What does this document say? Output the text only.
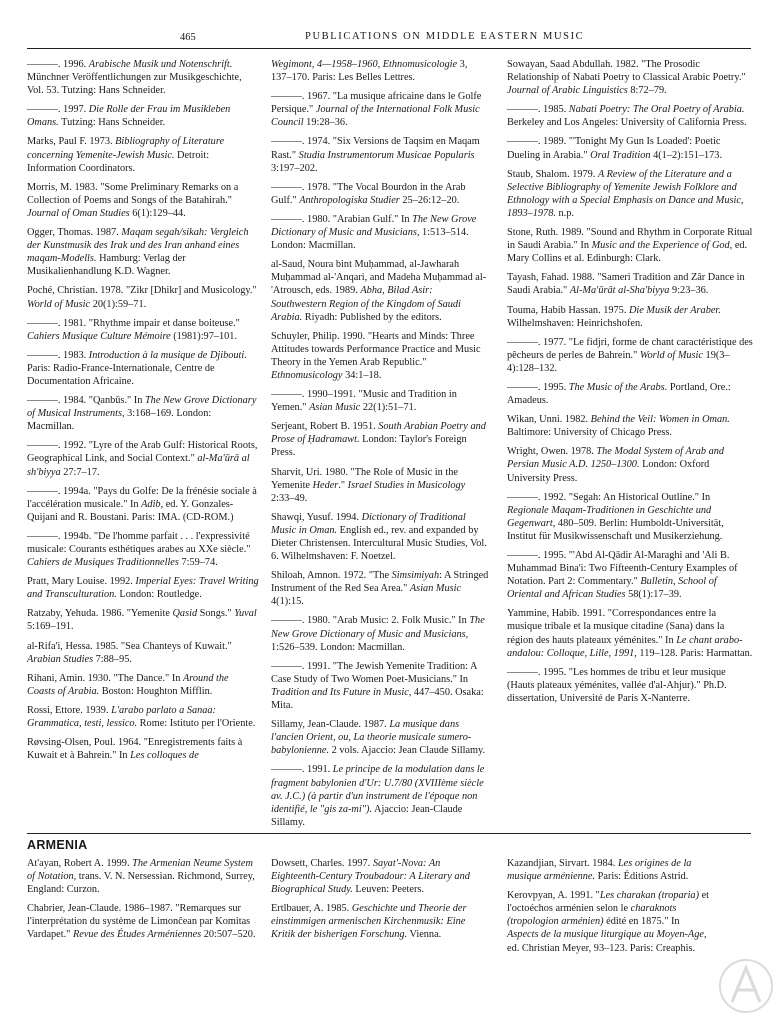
465	PUBLICATIONS ON MIDDLE EASTERN MUSIC

———. 1996. Arabische Musik und Notenschrift. Münchner Veröffentlichungen zur Musikgeschichte, Vol. 53. Tutzing: Hans Schneider.

———. 1997. Die Rolle der Frau im Musikleben Omans. Tutzing: Hans Schneider.

Marks, Paul F. 1973. Bibliography of Literature concerning Yemenite-Jewish Music. Detroit: Information Coordinators.

Morris, M. 1983. "Some Preliminary Remarks on a Collection of Poems and Songs of the Batahirah." Journal of Oman Studies 6(1):129–44.

Ogger, Thomas. 1987. Maqam segah/sikah: Vergleich der Kunstmusik des Irak und des Iran anhand eines maqam-Modells. Hamburg: Verlag der Musikalienhandlung K.D. Wagner.

Poché, Christian. 1978. "Zikr [Dhikr] and Musicology." World of Music 20(1):59–71.

———. 1981. "Rhythme impair et danse boiteuse." Cahiers Musique Culture Mémoire (1981):97–101.

———. 1983. Introduction à la musique de Djibouti. Paris: Radio-France-Internationale, Centre de Documentation Africaine.

———. 1984. "Qanbūs." In The New Grove Dictionary of Musical Instruments, 3:168–169. London: Macmillan.

———. 1992. "Lyre of the Arab Gulf: Historical Roots, Geographical Link, and Social Context." al-Ma'ūrā al sh'biyya 27:7–17.

———. 1994a. "Pays du Golfe: De la frénésie sociale à l'accélération musicale." In Adib, ed. Y. Gonzales-Quijani and R. Boustani. Paris: IMA. (CD-ROM.)

———. 1994b. "De l'homme parfait . . . l'expressivité musicale: Courants esthétiques arabes au XXe siècle." Cahiers de Musiques Traditionnelles 7:59–74.

Pratt, Mary Louise. 1992. Imperial Eyes: Travel Writing and Transculturation. London: Routledge.

Ratzaby, Yehuda. 1986. "Yemenite Qasid Songs." Yuval 5:169–191.

al-Rifa'i, Hessa. 1985. "Sea Chanteys of Kuwait." Arabian Studies 7:88–95.

Rihani, Amin. 1930. "The Dance." In Around the Coasts of Arabia. Boston: Houghton Mifflin.

Rossi, Ettore. 1939. L'arabo parlato a Sanaa: Grammatica, testi, lessico. Rome: Istituto per l'Oriente.

Røvsing-Olsen, Poul. 1964. "Enregistrements faits à Kuwait et à Bahrein." In Les colloques de

Wegimont, 4—1958–1960, Ethnomusicologie 3, 137–170. Paris: Les Belles Lettres.

———. 1967. "La musique africaine dans le Golfe Persique." Journal of the International Folk Music Council 19:28–36.

———. 1974. "Six Versions de Taqsim en Maqam Rast." Studia Instrumentorum Musicae Popularis 3:197–202.

———. 1978. "The Vocal Bourdon in the Arab Gulf." Anthropologiska Studier 25–26:12–20.

———. 1980. "Arabian Gulf." In The New Grove Dictionary of Music and Musicians, 1:513–514. London: Macmillan.

al-Saud, Noura bint Muḥammad, al-Jawharah Muḥammad al-'Anqari, and Madeha Muḥammad al-'Atrousch, eds. 1989. Abha, Bilad Asir: Southwestern Region of the Kingdom of Saudi Arabia. Riyadh: Published by the editors.

Schuyler, Philip. 1990. "Hearts and Minds: Three Attitudes towards Performance Practice and Music Theory in the Yemen Arab Republic." Ethnomusicology 34:1–18.

———. 1990–1991. "Music and Tradition in Yemen." Asian Music 22(1):51–71.

Serjeant, Robert B. 1951. South Arabian Poetry and Prose of Ḥadramawt. London: Taylor's Foreign Press.

Sharvit, Uri. 1980. "The Role of Music in the Yemenite Heder." Israel Studies in Musicology 2:33–49.

Shawqi, Yusuf. 1994. Dictionary of Traditional Music in Oman. English ed., rev. and expanded by Dieter Christensen. Intercultural Music Studies, Vol. 6. Wilhelmshaven: F. Noetzel.

Shiloah, Amnon. 1972. "The Simsimiyah: A Stringed Instrument of the Red Sea Area." Asian Music 4(1):15.

———. 1980. "Arab Music: 2. Folk Music." In The New Grove Dictionary of Music and Musicians, 1:526–539. London: Macmillan.

———. 1991. "The Jewish Yemenite Tradition: A Case Study of Two Women Poet-Musicians." In Tradition and Its Future in Music, 447–450. Osaka: Mita.

Sillamy, Jean-Claude. 1987. La musique dans l'ancien Orient, ou, La theorie musicale sumero-babylonienne. 2 vols. Ajaccio: Jean Claude Sillamy.

———. 1991. Le principe de la modulation dans le fragment babylonien d'Ur: U.7/80 (XVIIIème siècle av. J.C.) (à partir d'un instrument de l'époque non identifié, le "gis za-mi"). Ajaccio: Jean-Claude Sillamy.

Sowayan, Saad Abdullah. 1982. "The Prosodic Relationship of Nabati Poetry to Classical Arabic Poetry." Journal of Arabic Linguistics 8:72–79.

———. 1985. Nabati Poetry: The Oral Poetry of Arabia. Berkeley and Los Angeles: University of California Press.

———. 1989. "'Tonight My Gun Is Loaded': Poetic Dueling in Arabia." Oral Tradition 4(1–2):151–173.

Staub, Shalom. 1979. A Review of the Literature and a Selective Bibliography of Yemenite Jewish Folklore and Ethnology with a Special Emphasis on Dance and Music, 1893–1978. n.p.

Stone, Ruth. 1989. "Sound and Rhythm in Corporate Ritual in Saudi Arabia." In Music and the Experience of God, ed. Mary Collins et al. Edinburgh: Clark.

Tayash, Fahad. 1988. "Sameri Tradition and Zār Dance in Saudi Arabia." Al-Ma'ūrāt al-Sha'biyya 9:23–36.

Touma, Habib Hassan. 1975. Die Musik der Araber. Wilhelmshaven: Heinrichshofen.

———. 1977. "Le fidjri, forme de chant caractéristique des pêcheurs de perles de Bahrein." World of Music 19(3–4):128–132.

———. 1995. The Music of the Arabs. Portland, Ore.: Amadeus.

Wikan, Unni. 1982. Behind the Veil: Women in Oman. Baltimore: University of Chicago Press.

Wright, Owen. 1978. The Modal System of Arab and Persian Music A.D. 1250–1300. London: Oxford University Press.

———. 1992. "Segah: An Historical Outline." In Regionale Maqam-Traditionen in Geschichte und Gegenwart, 480–509. Berlin: Humboldt-Universität, Institut für Musikwissenschaft und Musikerziehung.

———. 1995. "'Abd Al-Qādir Al-Maraghi and 'Ali B. Muhammad Bina'i: Two Fifteenth-Century Examples of Notation. Part 2: Commentary." Bulletin, School of Oriental and African Studies 58(1):17–39.

Yammine, Habib. 1991. "Correspondances entre la musique tribale et la musique citadine (Sana) dans la région des hauts plateaux yéménites." In Le chant arabo-andalou: Colloque, Lille, 1991, 119–128. Paris: Harmattan.

———. 1995. "Les hommes de tribu et leur musique (Hauts plateaux yéménites, vallée d'al-Ahjur)." Ph.D. dissertation, Université de Paris X-Nanterre.

ARMENIA

At'ayan, Robert A. 1999. The Armenian Neume System of Notation, trans. V. N. Nersessian. Richmond, Surrey, England: Curzon.

Chabrier, Jean-Claude. 1986–1987. "Remarques sur l'interprétation du système de Limonĉean par Komitas Vardapet." Revue des Études Arméniennes 20:507–520.

Dowsett, Charles. 1997. Sayat'-Nova: An Eighteenth-Century Troubadour: A Literary and Biographical Study. Leuven: Peeters.

Ertlbauer, A. 1985. Geschichte und Theorie der einstimmigen armenischen Kirchenmusik: Eine Kritik der bisherigen Forschung. Vienna.

Kazandjian, Sirvart. 1984. Les origines de la musique arménienne. Paris: Éditions Astrid.

Kerovpyan, A. 1991. "Les charakan (troparia) et l'octoéchos arménien selon le charaknots (tropologion arménien) édité en 1875." In Aspects de la musique liturgique au Moyen-Age, ed. Christian Meyer, 93–123. Paris: Creaphis.
